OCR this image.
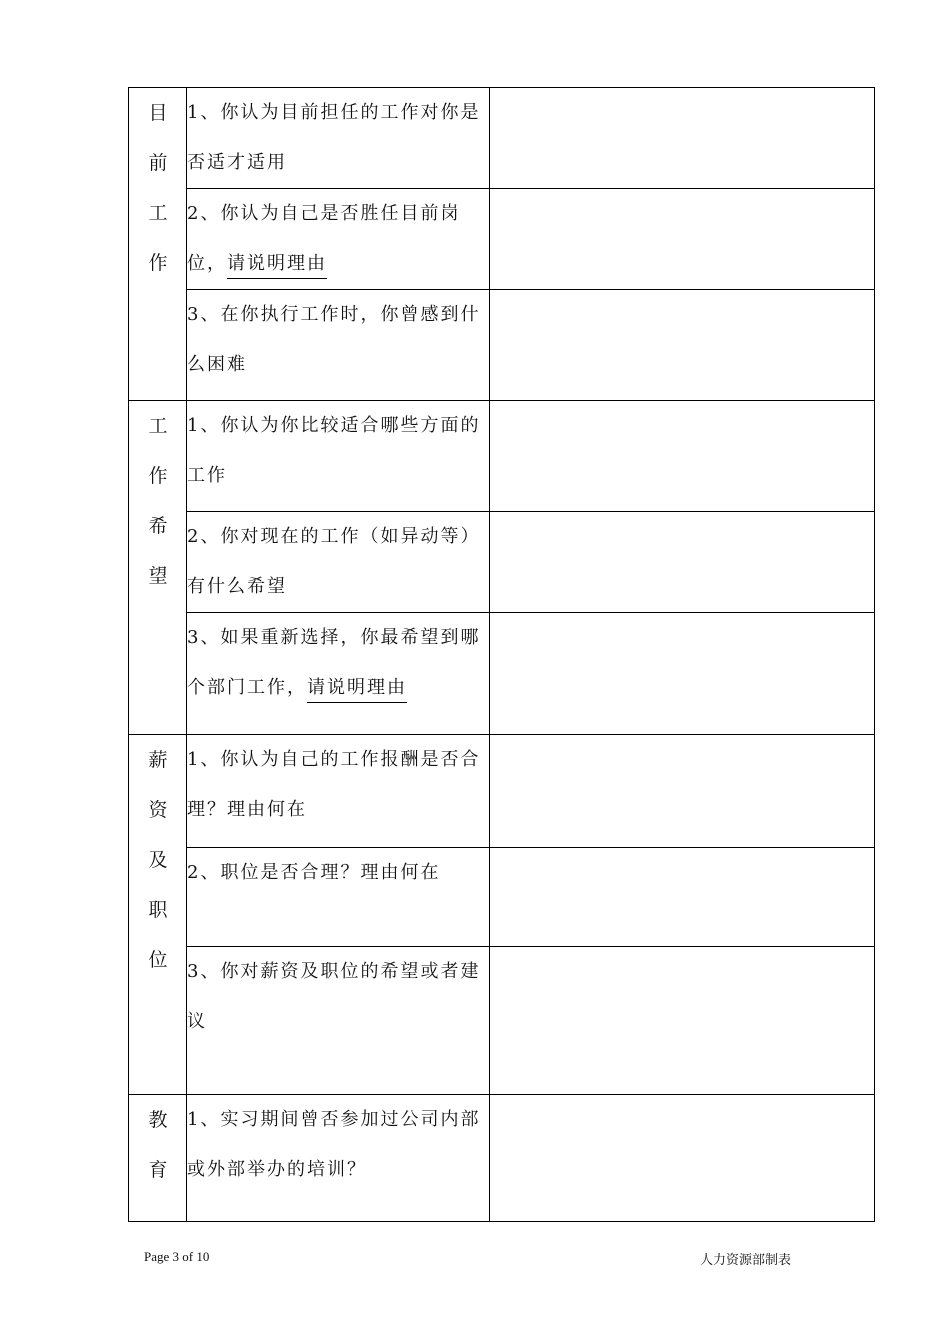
目前工作	1、你认为目前担任的工作对你是否适才适用	

	2、你认为自己是否胜任目前岗位，请说明理由	

	3、在你执行工作时，你曾感到什么困难	

工作希望	1、你认为你比较适合哪些方面的工作	

	2、你对现在的工作（如异动等）有什么希望	

	3、如果重新选择，你最希望到哪个部门工作，请说明理由	

薪资及职位	1、你认为自己的工作报酬是否合理？理由何在	

	2、职位是否合理？理由何在	

	3、你对薪资及职位的希望或者建议	

教育	1、实习期间曾否参加过公司内部或外部举办的培训？	

Page 3 of 10	人力资源部制表
